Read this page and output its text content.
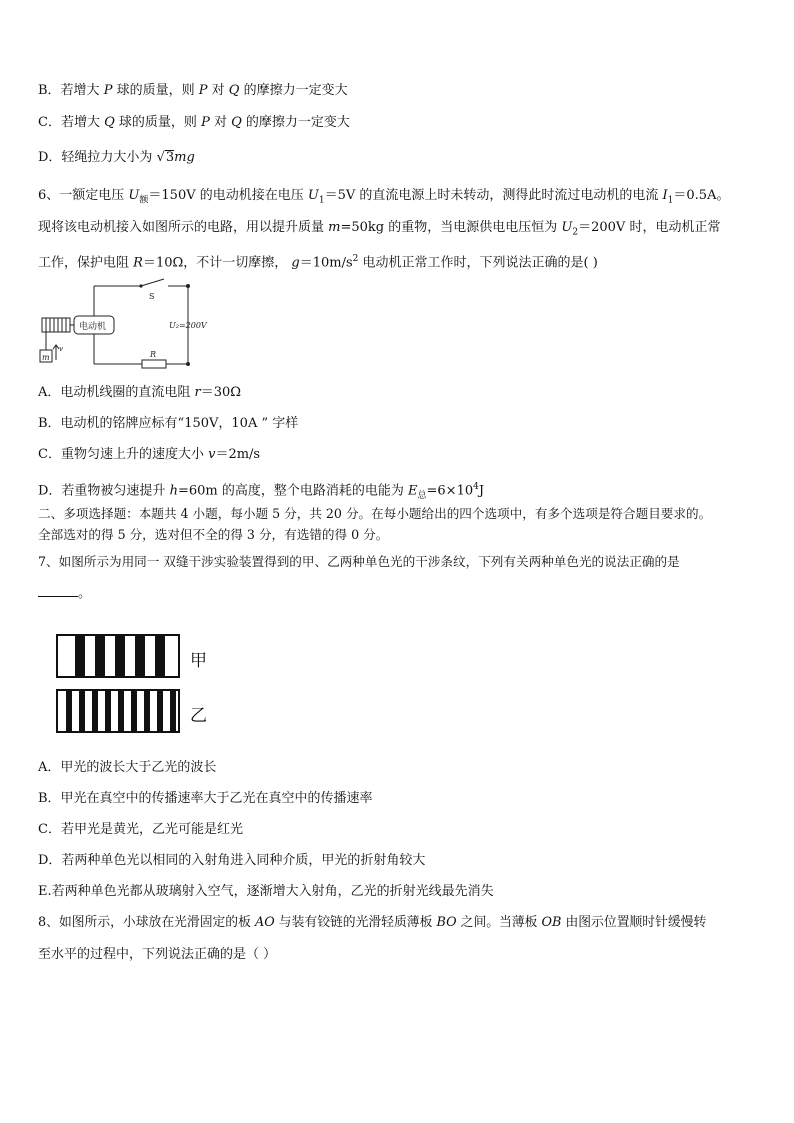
B．若增大 P 球的质量，则 P 对 Q 的摩擦力一定变大
C．若增大 Q 球的质量，则 P 对 Q 的摩擦力一定变大
D．轻绳拉力大小为 √3mg
6、一额定电压 $U_额=150V$ 的电动机接在电压 $U_1=5V$ 的直流电源上时未转动，测得此时流过电动机的电流 $I_1=0.5A$。
现将该电动机接入如图所示的电路，用以提升质量 m=50kg 的重物，当电源供电电压恒为 $U_2=200V$ 时，电动机正常
工作，保护电阻 R＝10Ω，不计一切摩擦， $g=10m/s^2$ 电动机正常工作时，下列说法正确的是( )
电动机
S
U₂=200V
R
m
v
A．电动机线圈的直流电阻 r＝30Ω
B．电动机的铭牌应标有“150V，10A ” 字样
C．重物匀速上升的速度大小 v＝2m/s
D．若重物被匀速提升 h=60m 的高度，整个电路消耗的电能为 $E_总=6\times 10^4J$
二、多项选择题：本题共 4 小题，每小题 5 分，共 20 分。在每小题给出的四个选项中，有多个选项是符合题目要求的。
全部选对的得 5 分，选对但不全的得 3 分，有选错的得 0 分。
7、如图所示为用同一 双缝干涉实验装置得到的甲、乙两种单色光的干涉条纹，下列有关两种单色光的说法正确的是
。
甲
乙
A．甲光的波长大于乙光的波长
B．甲光在真空中的传播速率大于乙光在真空中的传播速率
C．若甲光是黄光，乙光可能是红光
D．若两种单色光以相同的入射角进入同种介质，甲光的折射角较大
E.若两种单色光都从玻璃射入空气，逐渐增大入射角，乙光的折射光线最先消失
8、如图所示，小球放在光滑固定的板 AO 与装有铰链的光滑轻质薄板 BO 之间。当薄板 OB 由图示位置顺时针缓慢转
至水平的过程中，下列说法正确的是（ ）
